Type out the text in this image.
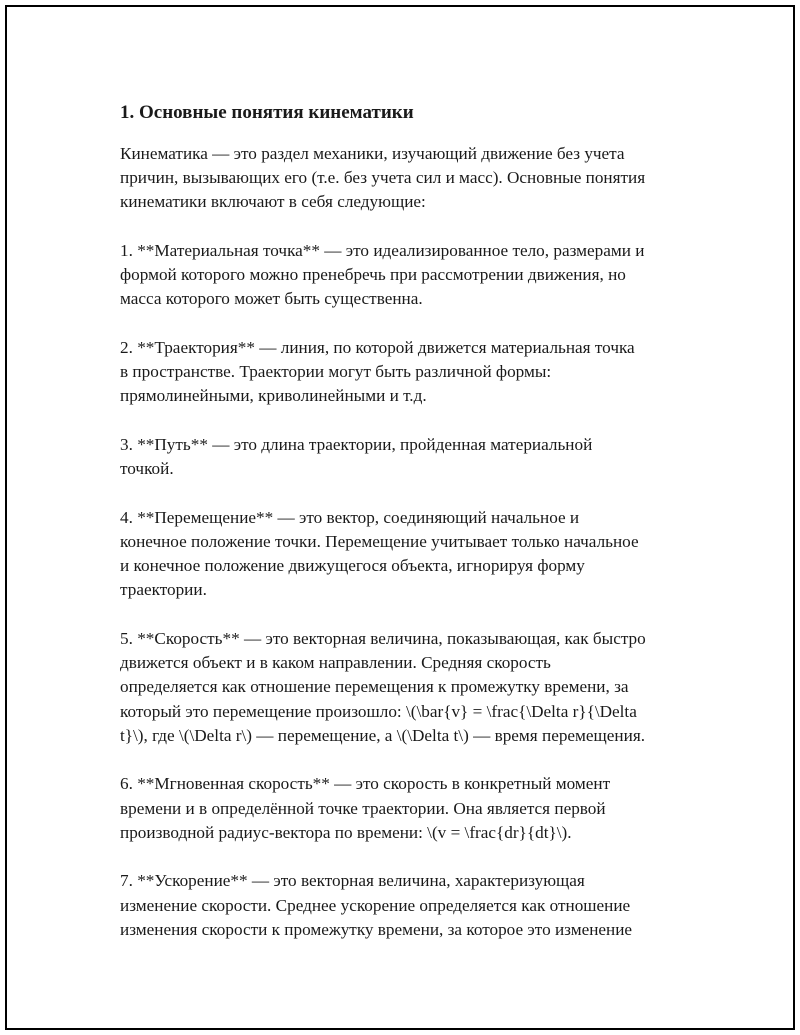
1. Основные понятия кинематики
Кинематика — это раздел механики, изучающий движение без учета
причин, вызывающих его (т.е. без учета сил и масс). Основные понятия
кинематики включают в себя следующие:
1. **Материальная точка** — это идеализированное тело, размерами и
формой которого можно пренебречь при рассмотрении движения, но
масса которого может быть существенна.
2. **Траектория** — линия, по которой движется материальная точка
в пространстве. Траектории могут быть различной формы:
прямолинейными, криволинейными и т.д.
3. **Путь** — это длина траектории, пройденная материальной
точкой.
4. **Перемещение** — это вектор, соединяющий начальное и
конечное положение точки. Перемещение учитывает только начальное
и конечное положение движущегося объекта, игнорируя форму
траектории.
5. **Скорость** — это векторная величина, показывающая, как быстро
движется объект и в каком направлении. Средняя скорость
определяется как отношение перемещения к промежутку времени, за
который это перемещение произошло: \(\bar{v} = \frac{\Delta r}{\Delta
t}\), где \(\Delta r\) — перемещение, а \(\Delta t\) — время перемещения.
6. **Мгновенная скорость** — это скорость в конкретный момент
времени и в определённой точке траектории. Она является первой
производной радиус-вектора по времени: \(v = \frac{dr}{dt}\).
7. **Ускорение** — это векторная величина, характеризующая
изменение скорости. Среднее ускорение определяется как отношение
изменения скорости к промежутку времени, за которое это изменение
